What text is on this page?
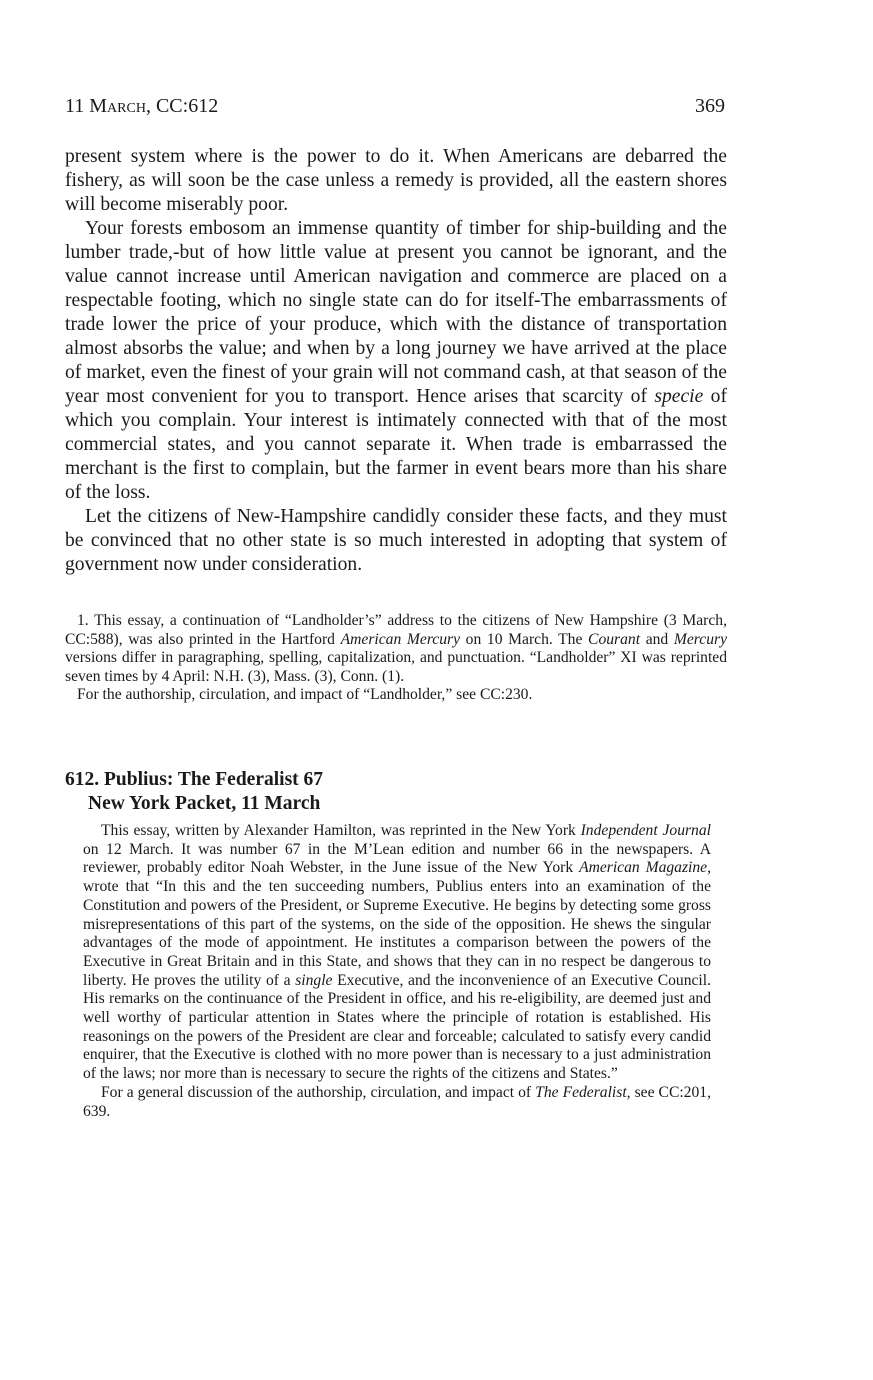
11 March, CC:612	369

present system where is the power to do it. When Americans are debarred the fishery, as will soon be the case unless a remedy is provided, all the eastern shores will become miserably poor.

Your forests embosom an immense quantity of timber for ship-building and the lumber trade,-but of how little value at present you cannot be ignorant, and the value cannot increase until American navigation and commerce are placed on a respectable footing, which no single state can do for itself-The embarrassments of trade lower the price of your produce, which with the distance of transportation almost absorbs the value; and when by a long journey we have arrived at the place of market, even the finest of your grain will not command cash, at that season of the year most convenient for you to transport. Hence arises that scarcity of specie of which you complain. Your interest is intimately connected with that of the most commercial states, and you cannot separate it. When trade is embarrassed the merchant is the first to complain, but the farmer in event bears more than his share of the loss.

Let the citizens of New-Hampshire candidly consider these facts, and they must be convinced that no other state is so much interested in adopting that system of government now under consideration.

1. This essay, a continuation of “Landholder’s” address to the citizens of New Hampshire (3 March, CC:588), was also printed in the Hartford American Mercury on 10 March. The Courant and Mercury versions differ in paragraphing, spelling, capitalization, and punctuation. “Landholder” XI was reprinted seven times by 4 April: N.H. (3), Mass. (3), Conn. (1).

For the authorship, circulation, and impact of “Landholder,” see CC:230.

612. Publius: The Federalist 67
New York Packet, 11 March

This essay, written by Alexander Hamilton, was reprinted in the New York Independent Journal on 12 March. It was number 67 in the M’Lean edition and number 66 in the newspapers. A reviewer, probably editor Noah Webster, in the June issue of the New York American Magazine, wrote that “In this and the ten succeeding numbers, Publius enters into an examination of the Constitution and powers of the President, or Supreme Executive. He begins by detecting some gross misrepresentations of this part of the systems, on the side of the opposition. He shews the singular advantages of the mode of appointment. He institutes a comparison between the powers of the Executive in Great Britain and in this State, and shows that they can in no respect be dangerous to liberty. He proves the utility of a single Executive, and the inconvenience of an Executive Council. His remarks on the continuance of the President in office, and his re-eligibility, are deemed just and well worthy of particular attention in States where the principle of rotation is established. His reasonings on the powers of the President are clear and forceable; calculated to satisfy every candid enquirer, that the Executive is clothed with no more power than is necessary to a just administration of the laws; nor more than is necessary to secure the rights of the citizens and States.”

For a general discussion of the authorship, circulation, and impact of The Federalist, see CC:201, 639.
